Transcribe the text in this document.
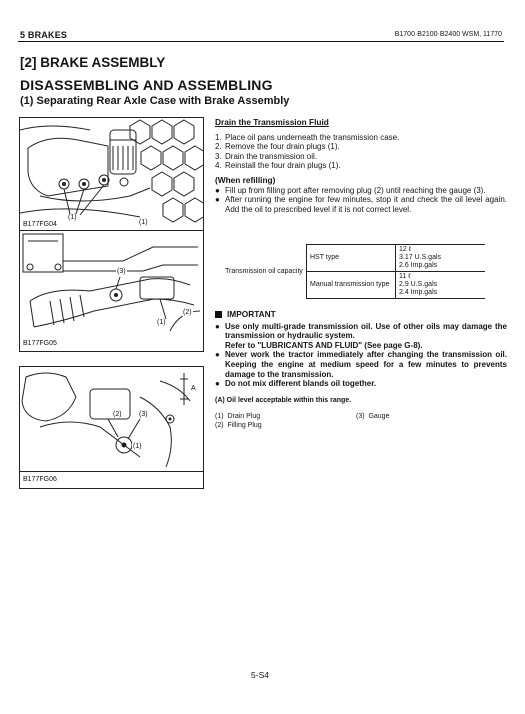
5 BRAKES	B1700·B2100·B2400 WSM, 11770
[2] BRAKE ASSEMBLY
DISASSEMBLING AND ASSEMBLING
(1) Separating Rear Axle Case with Brake Assembly
(1)
(1)
B177FG04
(3)
(1)
(2)
B177FG05
(2) (3)
(1)
A
B177FG06
Drain the Transmission Fluid
1. Place oil pans underneath the transmission case.
2. Remove the four drain plugs (1).
3. Drain the transmission oil.
4. Reinstall the four drain plugs (1).
(When refilling)
● Fill up from filling port after removing plug (2) until reaching the gauge (3).
● After running the engine for few minutes, stop it and check the oil level again. Add the oil to prescribed level if it is not correct level.
Transmission oil capacity	HST type	12 ℓ
3.17 U.S.gals
2.6 Imp.gals

	Manual transmission type	11 ℓ
2.9 U.S.gals
2.4 Imp.gals
IMPORTANT
● Use only multi-grade transmission oil. Use of other oils may damage the transmission or hydraulic system.
Refer to "LUBRICANTS AND FLUID" (See page G-8).
● Never work the tractor immediately after changing the transmission oil. Keeping the engine at medium speed for a few minutes to prevents damage to the transmission.
● Do not mix different blands oil together.
(A) Oil level acceptable within this range.
(1) Drain Plug
(2) Filling Plug
(3) Gauge
5-S4
